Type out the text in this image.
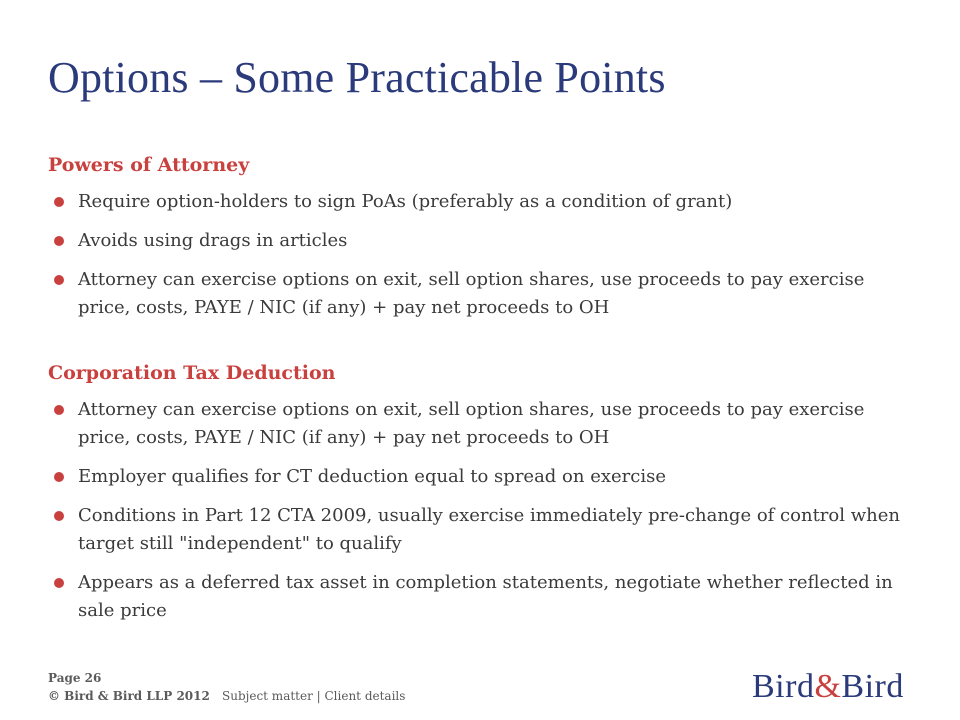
Options – Some Practicable Points
Powers of Attorney
Require option-holders to sign PoAs (preferably as a condition of grant)
Avoids using drags in articles
Attorney can exercise options on exit, sell option shares, use proceeds to pay exercise price, costs, PAYE / NIC (if any) + pay net proceeds to OH
Corporation Tax Deduction
Attorney can exercise options on exit, sell option shares, use proceeds to pay exercise price, costs, PAYE / NIC (if any) + pay net proceeds to OH
Employer qualifies for CT deduction equal to spread on exercise
Conditions in Part 12 CTA 2009, usually exercise immediately pre-change of control when target still "independent" to qualify
Appears as a deferred tax asset in completion statements, negotiate whether reflected in sale price
Page 26
© Bird & Bird LLP 2012 Subject matter | Client details	Bird&Bird
